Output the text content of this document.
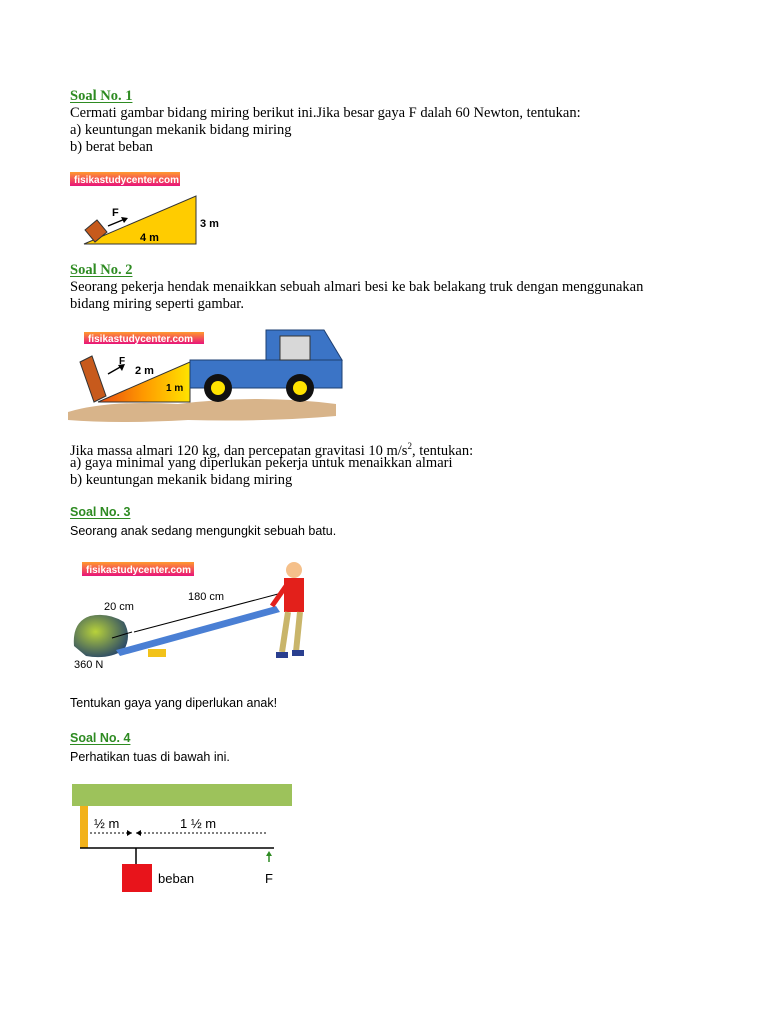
Soal No. 1
Cermati gambar bidang miring berikut ini.Jika besar gaya F dalah 60 Newton, tentukan:
a) keuntungan mekanik bidang miring
b) berat beban
fisikastudycenter.com
F
4 m
3 m
Soal No. 2
Seorang pekerja hendak menaikkan sebuah almari besi ke bak belakang truk dengan menggunakan
bidang miring seperti gambar.
fisikastudycenter.com
F
2 m
1 m
Jika massa almari 120 kg, dan percepatan gravitasi 10 $m/s^2$, tentukan:
a) gaya minimal yang diperlukan pekerja untuk menaikkan almari
b) keuntungan mekanik bidang miring
Soal No. 3
Seorang anak sedang mengungkit sebuah batu.
fisikastudycenter.com
20 cm
180 cm
360 N
Tentukan gaya yang diperlukan anak!
Soal No. 4
Perhatikan tuas di bawah ini.
½ m	1 ½ m
beban	F
